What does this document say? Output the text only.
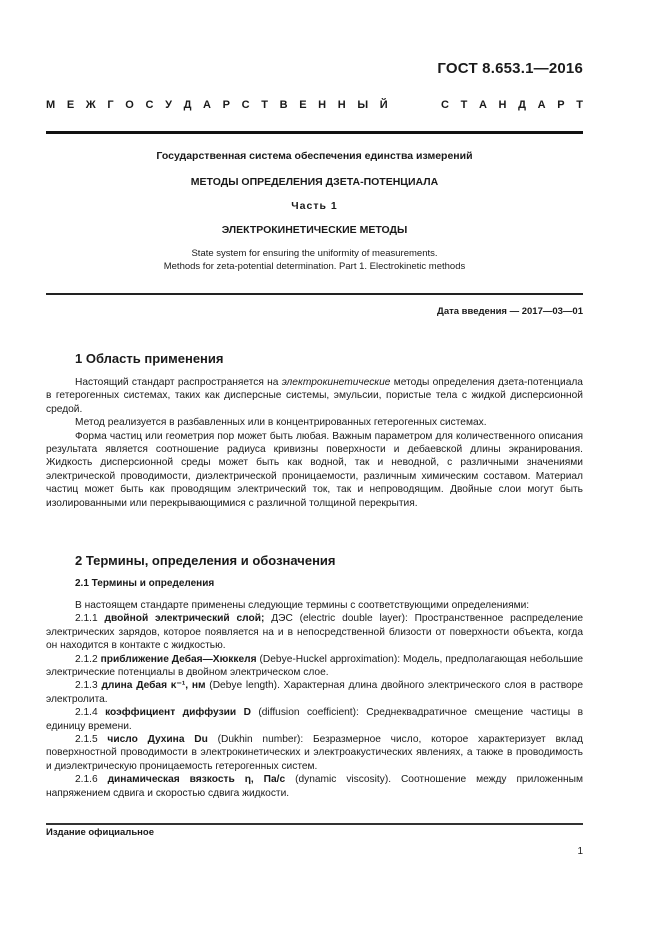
ГОСТ 8.653.1—2016
М Е Ж Г О С У Д А Р С Т В Е Н Н Ы Й	С Т А Н Д А Р Т
Государственная система обеспечения единства измерений
МЕТОДЫ ОПРЕДЕЛЕНИЯ ДЗЕТА-ПОТЕНЦИАЛА
Часть 1
ЭЛЕКТРОКИНЕТИЧЕСКИЕ МЕТОДЫ
State system for ensuring the uniformity of measurements.
Methods for zeta-potential determination. Part 1. Electrokinetic methods
Дата введения — 2017—03—01
1 Область применения

Настоящий стандарт распространяется на электрокинетические методы определения дзета-потенциала в гетерогенных системах, таких как дисперсные системы, эмульсии, пористые тела с жидкой дисперсионной средой.

Метод реализуется в разбавленных или в концентрированных гетерогенных системах.

Форма частиц или геометрия пор может быть любая. Важным параметром для количественного описания результата является соотношение радиуса кривизны поверхности и дебаевской длины экранирования. Жидкость дисперсионной среды может быть как водной, так и неводной, с различными значениями электрической проводимости, диэлектрической проницаемости, различным химическим составом. Материал частиц может быть как проводящим электрический ток, так и непроводящим. Двойные слои могут быть изолированными или перекрывающимися с различной толщиной перекрытия.

2 Термины, определения и обозначения
2.1 Термины и определения

В настоящем стандарте применены следующие термины с соответствующими определениями:

2.1.1 двойной электрический слой; ДЭС (electric double layer): Пространственное распределение электрических зарядов, которое появляется на и в непосредственной близости от поверхности объекта, когда он находится в контакте с жидкостью.

2.1.2 приближение Дебая—Хюккеля (Debye-Huckel approximation): Модель, предполагающая небольшие электрические потенциалы в двойном электрическом слое.

2.1.3 длина Дебая κ⁻¹, нм (Debye length). Характерная длина двойного электрического слоя в растворе электролита.

2.1.4 коэффициент диффузии D (diffusion coefficient): Среднеквадратичное смещение частицы в единицу времени.

2.1.5 число Духина Du (Dukhin number): Безразмерное число, которое характеризует вклад поверхностной проводимости в электрокинетических и электроакустических явлениях, а также в проводимость и диэлектрическую проницаемость гетерогенных систем.

2.1.6 динамическая вязкость η, Па/с (dynamic viscosity). Соотношение между приложенным напряжением сдвига и скоростью сдвига жидкости.

Издание официальное
1
